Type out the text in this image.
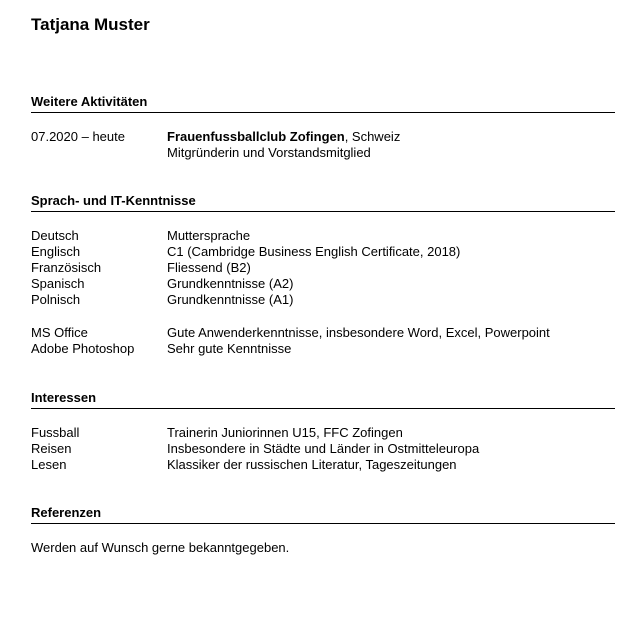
Tatjana Muster
Weitere Aktivitäten
07.2020 – heute	Frauenfussballclub Zofingen, Schweiz
Mitgründerin und Vorstandsmitglied
Sprach- und IT-Kenntnisse
Deutsch	Muttersprache
Englisch	C1 (Cambridge Business English Certificate, 2018)
Französisch	Fliessend (B2)
Spanisch	Grundkenntnisse (A2)
Polnisch	Grundkenntnisse (A1)
MS Office	Gute Anwenderkenntnisse, insbesondere Word, Excel, Powerpoint
Adobe Photoshop	Sehr gute Kenntnisse
Interessen
Fussball	Trainerin Juniorinnen U15, FFC Zofingen
Reisen	Insbesondere in Städte und Länder in Ostmitteleuropa
Lesen	Klassiker der russischen Literatur, Tageszeitungen
Referenzen
Werden auf Wunsch gerne bekanntgegeben.
